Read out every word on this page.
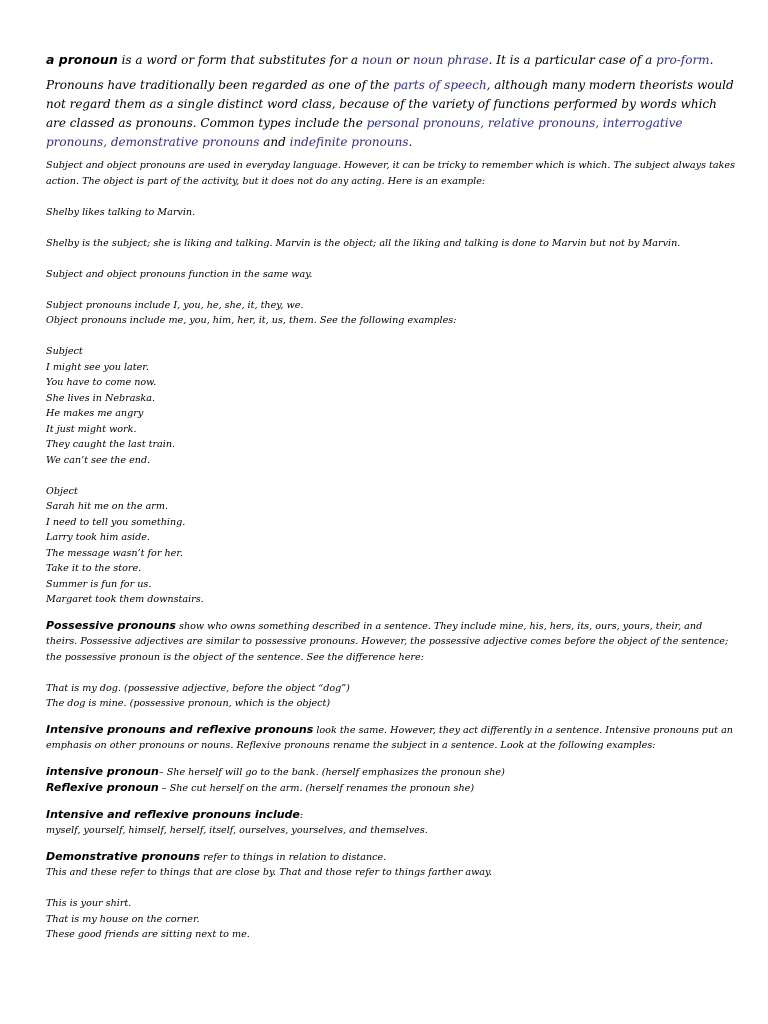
a pronoun is a word or form that substitutes for a noun or noun phrase. It is a particular case of a pro-form.

Pronouns have traditionally been regarded as one of the parts of speech, although many modern theorists would not regard them as a single distinct word class, because of the variety of functions performed by words which are classed as pronouns. Common types include the personal pronouns, relative pronouns, interrogative pronouns, demonstrative pronouns and indefinite pronouns.

Subject and object pronouns are used in everyday language. However, it can be tricky to remember which is which. The subject always takes action. The object is part of the activity, but it does not do any acting. Here is an example:

Shelby likes talking to Marvin.

Shelby is the subject; she is liking and talking. Marvin is the object; all the liking and talking is done to Marvin but not by Marvin.

Subject and object pronouns function in the same way.

Subject pronouns include I, you, he, she, it, they, we.

Object pronouns include me, you, him, her, it, us, them. See the following examples:

Subject

I might see you later.

You have to come now.

She lives in Nebraska.

He makes me angry

It just might work.

They caught the last train.

We can’t see the end.

Object

Sarah hit me on the arm.

I need to tell you something.

Larry took him aside.

The message wasn’t for her.

Take it to the store.

Summer is fun for us.

Margaret took them downstairs.

Possessive pronouns show who owns something described in a sentence. They include mine, his, hers, its, ours, yours, their, and theirs. Possessive adjectives are similar to possessive pronouns. However, the possessive adjective comes before the object of the sentence; the possessive pronoun is the object of the sentence. See the difference here:

That is my dog. (possessive adjective, before the object “dog”)

The dog is mine. (possessive pronoun, which is the object)

Intensive pronouns and reflexive pronouns look the same. However, they act differently in a sentence. Intensive pronouns put an emphasis on other pronouns or nouns. Reflexive pronouns rename the subject in a sentence. Look at the following examples:

intensive pronoun– She herself will go to the bank. (herself emphasizes the pronoun she)

Reflexive pronoun – She cut herself on the arm. (herself renames the pronoun she)

Intensive and reflexive pronouns include:

myself, yourself, himself, herself, itself, ourselves, yourselves, and themselves.

Demonstrative pronouns refer to things in relation to distance.

This and these refer to things that are close by. That and those refer to things farther away.

This is your shirt.

That is my house on the corner.

These good friends are sitting next to me.
